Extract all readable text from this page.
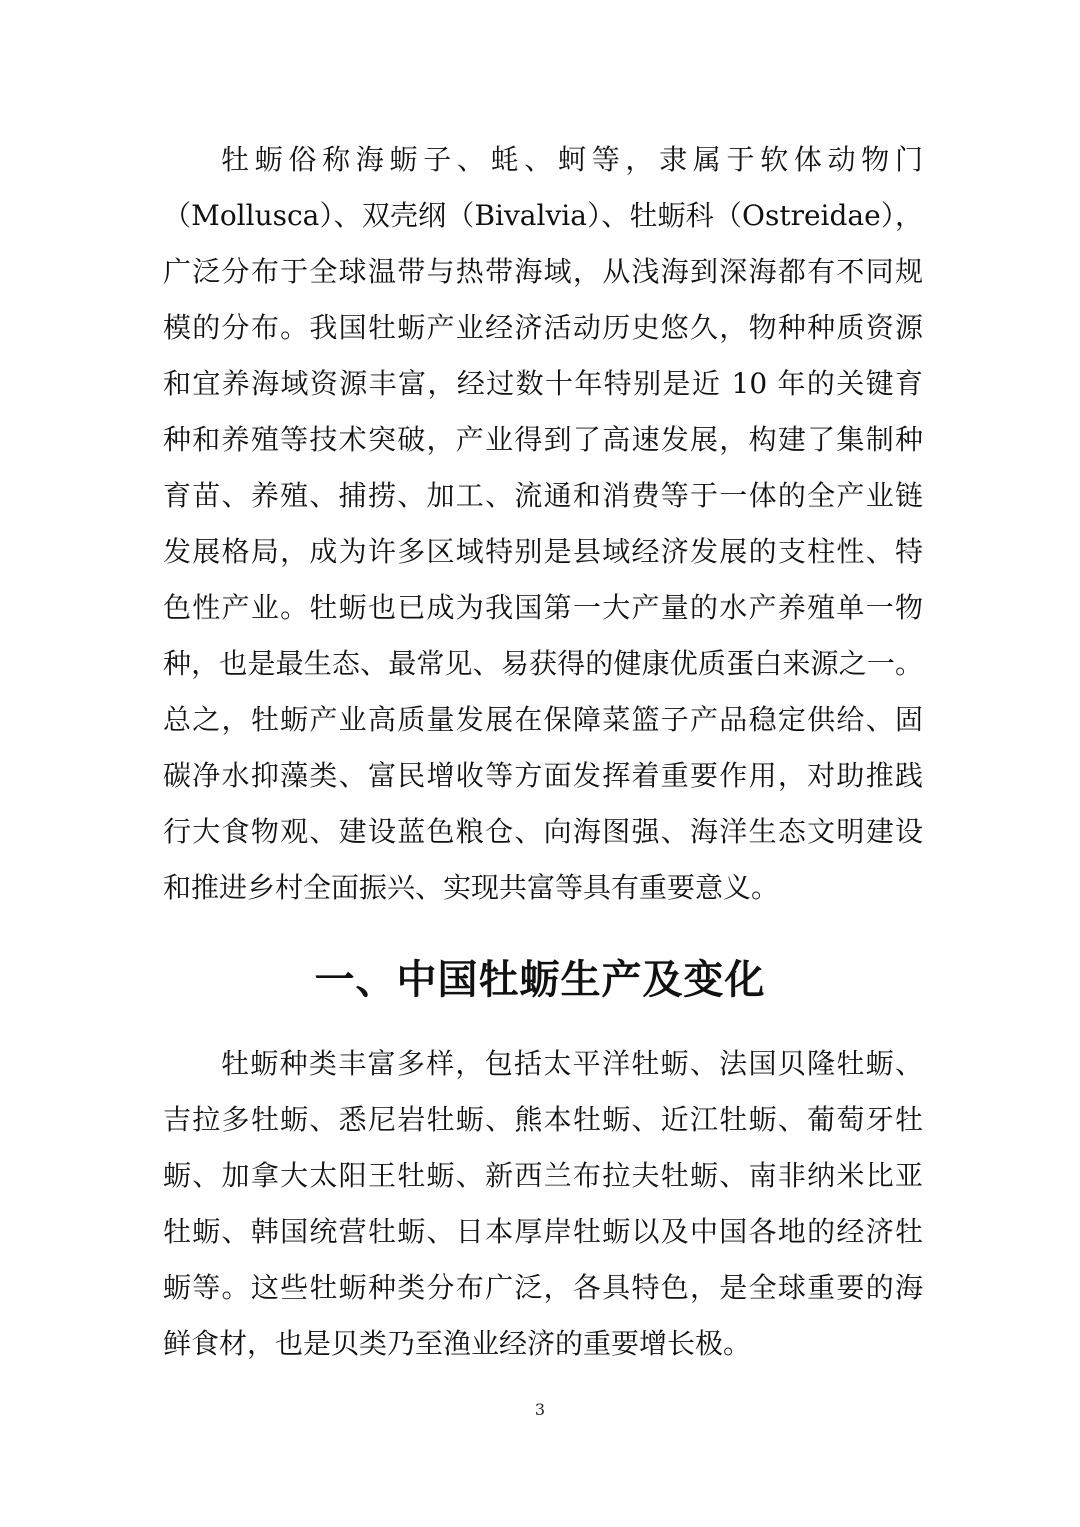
牡蛎俗称海蛎子、蚝、蚵等，隶属于软体动物门
（Mollusca）、双壳纲（Bivalvia）、牡蛎科（Ostreidae），
广泛分布于全球温带与热带海域，从浅海到深海都有不同规
模的分布。我国牡蛎产业经济活动历史悠久，物种种质资源
和宜养海域资源丰富，经过数十年特别是近 10 年的关键育
种和养殖等技术突破，产业得到了高速发展，构建了集制种
育苗、养殖、捕捞、加工、流通和消费等于一体的全产业链
发展格局，成为许多区域特别是县域经济发展的支柱性、特
色性产业。牡蛎也已成为我国第一大产量的水产养殖单一物
种，也是最生态、最常见、易获得的健康优质蛋白来源之一。
总之，牡蛎产业高质量发展在保障菜篮子产品稳定供给、固
碳净水抑藻类、富民增收等方面发挥着重要作用，对助推践
行大食物观、建设蓝色粮仓、向海图强、海洋生态文明建设
和推进乡村全面振兴、实现共富等具有重要意义。
一、中国牡蛎生产及变化
牡蛎种类丰富多样，包括太平洋牡蛎、法国贝隆牡蛎、
吉拉多牡蛎、悉尼岩牡蛎、熊本牡蛎、近江牡蛎、葡萄牙牡
蛎、加拿大太阳王牡蛎、新西兰布拉夫牡蛎、南非纳米比亚
牡蛎、韩国统营牡蛎、日本厚岸牡蛎以及中国各地的经济牡
蛎等。这些牡蛎种类分布广泛，各具特色，是全球重要的海
鲜食材，也是贝类乃至渔业经济的重要增长极。
3
